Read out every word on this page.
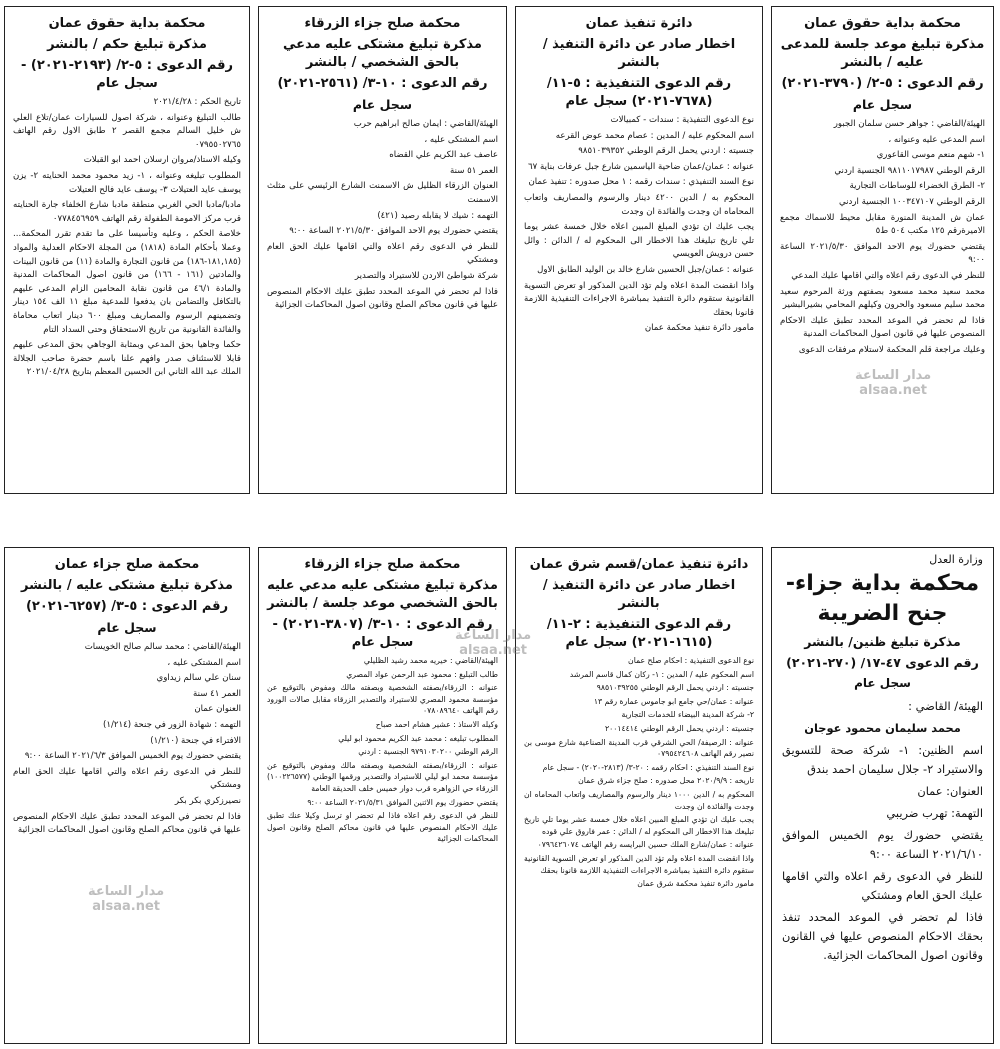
محكمة بداية حقوق عمان
مذكرة تبليغ موعد جلسة للمدعى عليه / بالنشر
رقم الدعوى : ٥-٢/ (٣٧٩٠-٢٠٢١)
سجل عام

الهيئة/القاضي : جواهر حسن سلمان الجبور

اسم المدعى عليه وعنوانه ،

١- شهم منعم موسى القاعوري

الرقم الوطني ٩٨١١٠١٧٩٨٧ الجنسية اردني

٢- الطرق الخضراء للوساطات التجارية

الرقم الوطني ١٠٠٣٤٧١٠٧ الجنسية اردني

عمان ش المدينة المنورة مقابل محيط للاسماك مجمع الاميرةرقم ١٢٥ مكتب ٥٠٤ ط٥

يقتضي حضورك يوم الاحد الموافق ٢٠٢١/٥/٣٠ الساعة ٩:٠٠

للنظر في الدعوى رقم اعلاه والتي اقامها عليك المدعي

محمد سعيد محمد مسعود بصفتهم ورثة المرحوم سعيد محمد سليم مسعود والحرون وكيلهم المحامي بشيرالبشير

فاذا لم تحضر في الموعد المحدد تطبق عليك الاحكام المنصوص عليها في قانون اصول المحاكمات المدنية

وعليك مراجعة قلم المحكمة لاستلام مرفقات الدعوى

دائرة تنفيذ عمان
اخطار صادر عن دائرة التنفيذ / بالنشر
رقم الدعوى التنفيذية : ٥-١١/ (٧٦٧٨-٢٠٢١) سجل عام

نوع الدعوى التنفيذية : سندات - كمبيالات

اسم المحكوم عليه / المدين : عصام محمد عوض القرعه

جنسيته : اردني يحمل الرقم الوطني ٩٨٥١٠٣٩٣٥٢

عنوانه : عمان/عمان ضاحية الياسمين شارع جبل عرفات بناية ٦٧

نوع السند التنفيذي : سندات رقمه : ١ محل صدوره : تنفيذ عمان

المحكوم به / الدين ٤٢٠٠ دينار والرسوم والمصاريف واتعاب المحاماه ان وجدت والفائدة ان وجدت

يجب عليك ان تؤدي المبلغ المبين اعلاه خلال خمسة عشر يوما تلي تاريخ تبليغك هذا الاخطار الى المحكوم له / الدائن : وائل حسن درويش العويسي

عنوانه : عمان/جبل الحسين شارع خالد بن الوليد الطابق الاول

واذا انقضت المدة اعلاه ولم تؤد الدين المذكور او تعرض التسوية القانونية ستقوم دائرة التنفيذ بمباشرة الاجراءات التنفيذية اللازمة قانونا بحقك

مامور دائرة تنفيذ محكمة عمان

محكمة صلح جزاء الزرقاء
مذكرة تبليغ مشتكى عليه مدعي بالحق الشخصي / بالنشر
رقم الدعوى : ١٠-٣/ (٢٥٦١-٢٠٢١)
سجل عام

الهيئة/القاضي : ايمان صالح ابراهيم حرب

اسم المشتكى عليه ،

عاصف عبد الكريم علي القضاه

العمر ٥١ سنة

العنوان الزرقاء الظليل ش الاسمنت الشارع الرئيسي على مثلث الاسمنت

التهمه : شيك لا يقابله رصيد (٤٢١)

يقتضي حضورك يوم الاحد الموافق ٢٠٢١/٥/٣٠ الساعة ٩:٠٠

للنظر في الدعوى رقم اعلاه والتي اقامها عليك الحق العام ومشتكي

شركة شواطئ الاردن للاستيراد والتصدير

فاذا لم تحضر في الموعد المحدد تطبق عليك الاحكام المنصوص عليها في قانون محاكم الصلح وقانون اصول المحاكمات الجزائية

محكمة بداية حقوق عمان
مذكرة تبليغ حكم / بالنشر
رقم الدعوى : ٥-٢/ (٢١٩٣-٢٠٢١) - سجل عام

تاريخ الحكم : ٢٠٢١/٤/٢٨

طالب التبليغ وعنوانه ، شركة اصول للسيارات عمان/تلاع العلي ش خليل السالم مجمع القصر ٢ طابق الاول رقم الهاتف ٠٧٩٥٥٠٢٧٦٥

وكيله الاستاذ/مروان ارسلان احمد ابو القبلات

المطلوب تبليغه وعنوانه ، ١- زيد محمود محمد الحنايته ٢- يزن يوسف عايد العتيلات ٣- يوسف عايد فالح العتيلات

مادبا/مادبا الحي الغربي منطقة مادبا شارع الخلفاء جارة الحنايته قرب مركز الامومة الطفولة رقم الهاتف ٠٧٧٨٤٥٦٩٥٩

خلاصة الحكم ، وعليه وتأسيسا على ما تقدم تقرر المحكمة... وعملا بأحكام المادة (١٨١٨) من المجلة الاحكام العدلية والمواد (١٨١,١٨٥-١٨٦) من قانون التجارة والمادة (١١) من قانون البينات والمادتين (١٦١ - ١٦٦) من قانون اصول المحاكمات المدنية والمادة ٤٦/١ من قانون نقابة المحامين الزام المدعى عليهم بالتكافل والتضامن بان يدفعوا للمدعية مبلغ ١١ الف ١٥٤ دينار وتضمينهم الرسوم والمصاريف ومبلغ ٦٠٠ دينار اتعاب محاماة والفائدة القانونية من تاريخ الاستحقاق وحتى السداد التام

حكما وجاهيا بحق المدعي وبمثابة الوجاهي بحق المدعى عليهم قابلا للاستئناف صدر وافهم علنا باسم حضرة صاحب الجلالة الملك عبد الله الثاني ابن الحسين المعظم بتاريخ ٢٠٢١/٠٤/٢٨

وزارة العدل
محكمة بداية جزاء- جنح الضريبة
مذكرة تبليغ ظنين/ بالنشر
رقم الدعوى ٤٧-١٧/ (٢٧٠-٢٠٢١)
سجل عام

الهيئة/ القاضي :

محمد سليمان محمود عوجان

اسم الظنين: ١- شركة صحة للتسويق والاستيراد ٢- جلال سليمان احمد بندق

العنوان: عمان

التهمة: تهرب ضريبي

يقتضي حضورك يوم الخميس الموافق ٢٠٢١/٦/١٠ الساعة ٩:٠٠

للنظر في الدعوى رقم اعلاه والتي اقامها عليك الحق العام ومشتكي

فاذا لم تحضر في الموعد المحدد تنفذ بحقك الاحكام المنصوص عليها في القانون وقانون اصول المحاكمات الجزائية.

دائرة تنفيذ عمان/قسم شرق عمان
اخطار صادر عن دائرة التنفيذ / بالنشر
رقم الدعوى التنفيذية : ٢-١١/ (١٦١٥-٢٠٢١) سجل عام

نوع الدعوى التنفيذية : احكام صلح عمان

اسم المحكوم عليه / المدين : ١- ركان كمال قاسم المرشد

جنسيته : اردني يحمل الرقم الوطني ٩٨٥١٠٣٩٢٥٥

عنوانه : عمان/حي جامع ابو جاموس عمارة رقم ١٣

٢- شركة المدينة البيضاء للخدمات التجارية

جنسيته : اردني يحمل الرقم الوطني ٢٠٠١٤٤١٤

عنوانه : الرصيفة/ الحي الشرقي قرب المدينة الصناعية شارع موسى بن نصير رقم الهاتف ٠٧٩٥٤٢٤٦٠٨

نوع السند التنفيذي : احكام رقمه : ٢٠-٣/ (٢٨١٣-٢٠٢٠) - سجل عام

تاريخه : ٢٠٢٠/٩/٩ محل صدوره : صلح جزاء شرق عمان

المحكوم به / الدين ١٠٠٠ دينار والرسوم والمصاريف واتعاب المحاماه ان وجدت والفائدة ان وجدت

يجب عليك ان تؤدي المبلغ المبين اعلاه خلال خمسة عشر يوما تلي تاريخ تبليغك هذا الاخطار الى المحكوم له / الدائن : عمر فاروق علي قوده

عنوانه : عمان/شارع الملك حسين البرايسه رقم الهاتف ٠٧٩٦٤٢٦٠٧٤

واذا انقضت المدة اعلاه ولم تؤد الدين المذكور او تعرض التسوية القانونية ستقوم دائرة التنفيذ بمباشرة الاجراءات التنفيذية اللازمة قانونا بحقك

مامور دائرة تنفيذ محكمة شرق عمان

محكمة صلح جزاء الزرقاء
مذكرة تبليغ مشتكى عليه مدعي عليه بالحق الشخصي موعد جلسة / بالنشر
رقم الدعوى : ١٠-٣/ (٣٨٠٧-٢٠٢١) - سجل عام

الهيئة/القاضي : خيريه محمد رشيد الظليلي

طالب التبليغ : محمود عبد الرحمن عواد المصري

عنوانه : الزرقاء/بصفته الشخصية وبصفته مالك ومفوض بالتوقيع عن مؤسسة محمود المصري للاستيراد والتصدير الزرقاء مقابل صالات الورود رقم الهاتف ٠٧٨٠٨٩٦٤٠

وكيله الاستاذ : عشير هشام احمد صباح

المطلوب تبليغه : محمد عبد الكريم محمود ابو ليلي

الرقم الوطني ٩٧٩١٠٣٠٢٠٠ الجنسية : اردني

عنوانه : الزرقاء/بصفته الشخصية وبصفته مالك ومفوض بالتوقيع عن مؤسسة محمد ابو ليلي للاستيراد والتصدير ورقمها الوطني (١٠٠٢٢٦٥٧٧) الزرقاء حي الزواهره قرب دوار خميس خلف الحديقة العامة

يقتضي حضورك يوم الاثنين الموافق ٢٠٢١/٥/٣١ الساعة ٩:٠٠

للنظر في الدعوى رقم اعلاه فاذا لم تحضر او ترسل وكيلا عنك تطبق عليك الاحكام المنصوص عليها في قانون محاكم الصلح وقانون اصول المحاكمات الجزائية

محكمة صلح جزاء عمان
مذكرة تبليغ مشتكى عليه / بالنشر
رقم الدعوى : ٥-٣/ (٦٢٥٧-٢٠٢١)
سجل عام

الهيئة/القاضي : محمد سالم صالح الخويسات

اسم المشتكى عليه ،

سنان علي سالم زيداوي

العمر ٤١ سنة

العنوان عمان

التهمه : شهادة الزور في جنحة (١/٢١٤)

الافتراء في جنحة (١/٢١٠)

يقتضي حضورك يوم الخميس الموافق ٢٠٢١/٦/٣ الساعة ٩:٠٠

للنظر في الدعوى رقم اعلاه والتي اقامها عليك الحق العام ومشتكي

نصيرزكري بكر بكر

فاذا لم تحضر في الموعد المحدد تطبق عليك الاحكام المنصوص عليها في قانون محاكم الصلح وقانون اصول المحاكمات الجزائية

مدار الساعة
alsaa.net
مدار الساعة
alsaa.net
مدار الساعة
alsaa.net
